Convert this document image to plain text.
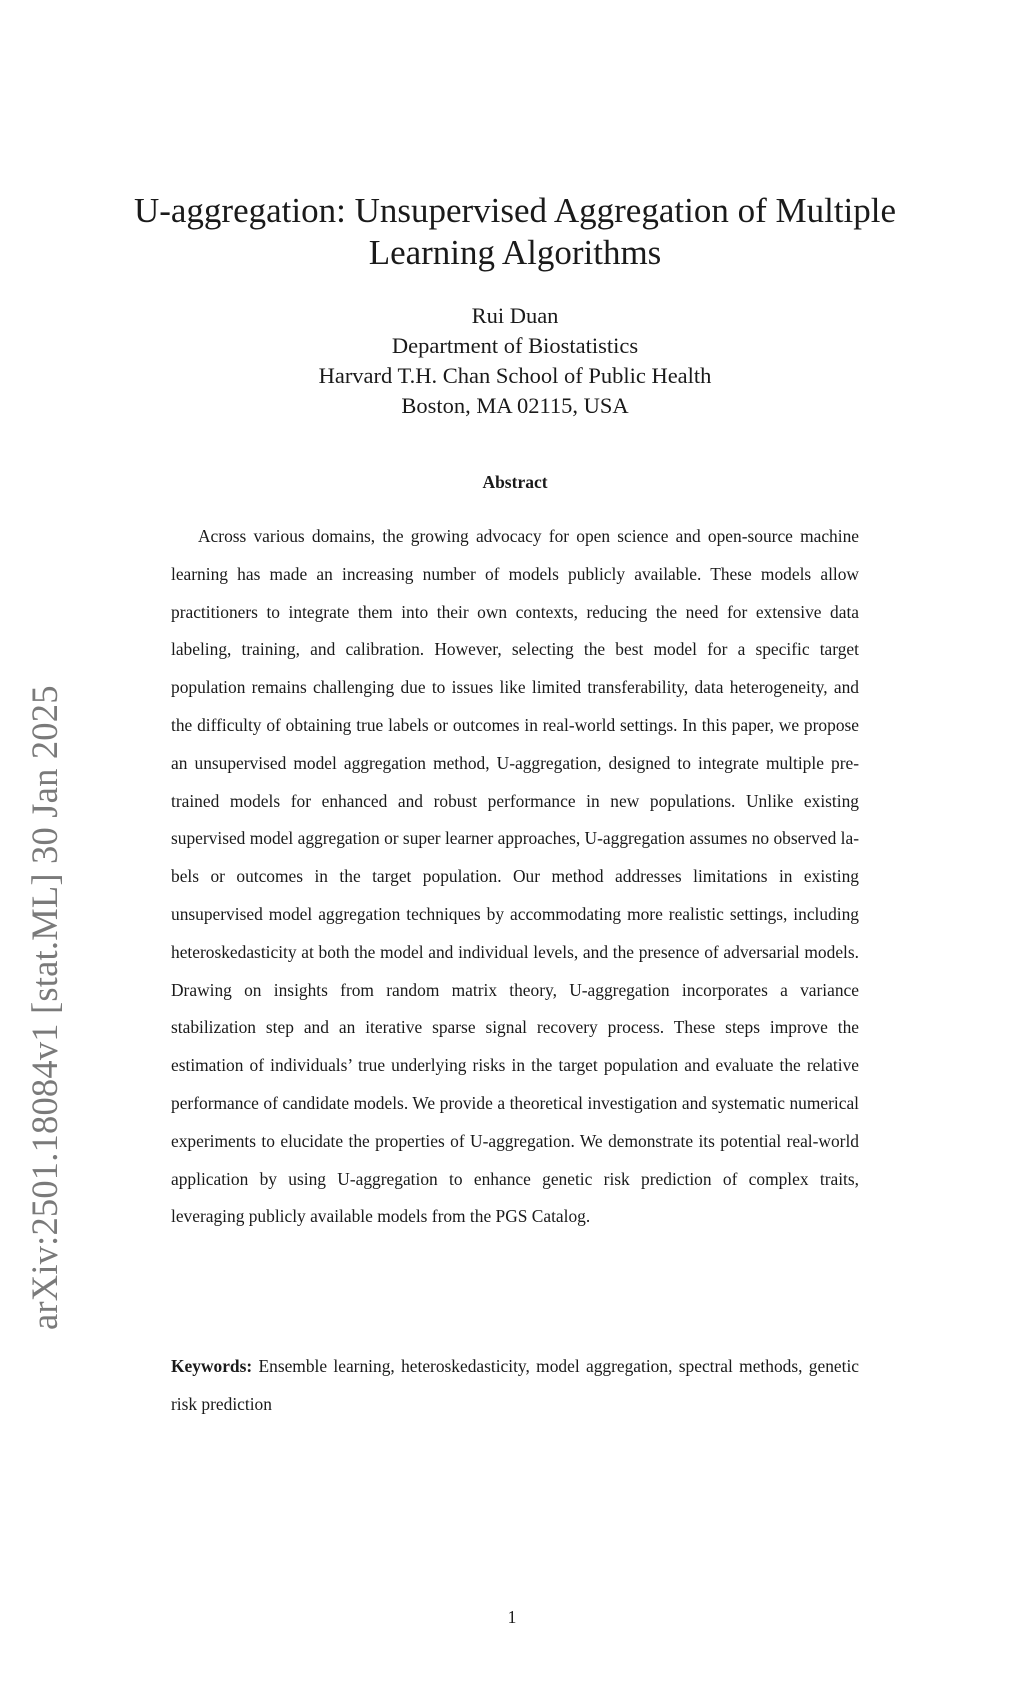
arXiv:2501.18084v1 [stat.ML] 30 Jan 2025
U-aggregation: Unsupervised Aggregation of Multiple Learning Algorithms
Rui Duan
Department of Biostatistics
Harvard T.H. Chan School of Public Health
Boston, MA 02115, USA
Abstract

Across various domains, the growing advocacy for open science and open-source machine learning has made an increasing number of models publicly available. These models allow practitioners to integrate them into their own contexts, reducing the need for extensive data labeling, training, and calibration. However, selecting the best model for a specific target population remains challenging due to issues like limited transferability, data heterogeneity, and the difficulty of obtaining true labels or outcomes in real-world settings. In this paper, we propose an unsupervised model aggregation method, U-aggregation, designed to integrate multiple pre-trained models for enhanced and robust performance in new populations. Unlike existing supervised model aggregation or super learner approaches, U-aggregation assumes no observed labels or outcomes in the target population. Our method addresses limitations in existing unsupervised model aggregation techniques by accommodating more realistic settings, including heteroskedasticity at both the model and individual levels, and the presence of adversarial models. Drawing on insights from random matrix theory, U-aggregation incorporates a variance stabilization step and an iterative sparse signal recovery process. These steps improve the estimation of individuals’ true underlying risks in the target population and evaluate the relative performance of candidate models. We provide a theoretical investigation and systematic numerical experiments to elucidate the properties of U-aggregation. We demonstrate its potential real-world application by using U-aggregation to enhance genetic risk prediction of complex traits, leveraging publicly available models from the PGS Catalog.

Keywords: Ensemble learning, heteroskedasticity, model aggregation, spectral methods, genetic risk prediction

1
